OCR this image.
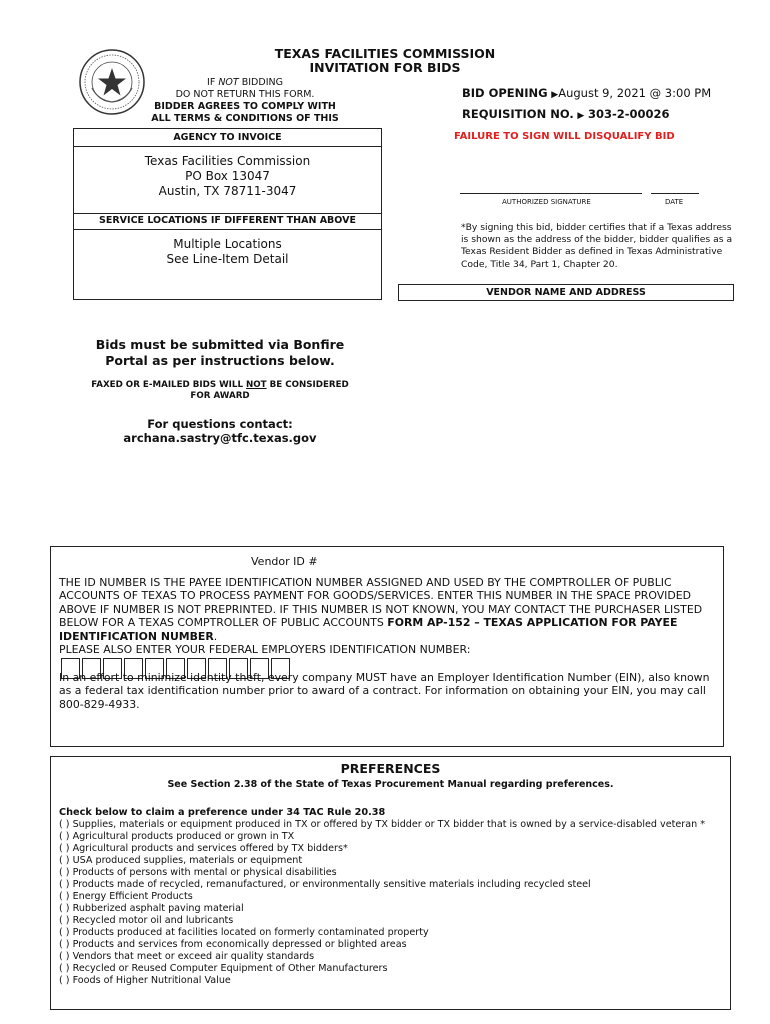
TEXAS FACILITIES COMMISSION
INVITATION FOR BIDS
IF NOT BIDDING
DO NOT RETURN THIS FORM.
BIDDER AGREES TO COMPLY WITH
ALL TERMS & CONDITIONS OF THIS
BID OPENING ▶August 9, 2021 @ 3:00 PM
REQUISITION NO. ▶ 303-2-00026
FAILURE TO SIGN WILL DISQUALIFY BID
AGENCY TO INVOICE
Texas Facilities Commission
PO Box 13047
Austin, TX 78711-3047
SERVICE LOCATIONS IF DIFFERENT THAN ABOVE
Multiple Locations
See Line-Item Detail
AUTHORIZED SIGNATURE	DATE
*By signing this bid, bidder certifies that if a Texas address is shown as the address of the bidder, bidder qualifies as a Texas Resident Bidder as defined in Texas Administrative Code, Title 34, Part 1, Chapter 20.
VENDOR NAME AND ADDRESS
Bids must be submitted via Bonfire
Portal as per instructions below.
FAXED OR E-MAILED BIDS WILL NOT BE CONSIDERED
FOR AWARD
For questions contact:
archana.sastry@tfc.texas.gov
Vendor ID #
THE ID NUMBER IS THE PAYEE IDENTIFICATION NUMBER ASSIGNED AND USED BY THE COMPTROLLER OF PUBLIC ACCOUNTS OF TEXAS TO PROCESS PAYMENT FOR GOODS/SERVICES. ENTER THIS NUMBER IN THE SPACE PROVIDED ABOVE IF NUMBER IS NOT PREPRINTED. IF THIS NUMBER IS NOT KNOWN, YOU MAY CONTACT THE PURCHASER LISTED BELOW FOR A TEXAS COMPTROLLER OF PUBLIC ACCOUNTS FORM AP-152 – TEXAS APPLICATION FOR PAYEE IDENTIFICATION NUMBER.
PLEASE ALSO ENTER YOUR FEDERAL EMPLOYERS IDENTIFICATION NUMBER:
In an effort to minimize identity theft, every company MUST have an Employer Identification Number (EIN), also known as a federal tax identification number prior to award of a contract. For information on obtaining your EIN, you may call 800-829-4933.
PREFERENCES
See Section 2.38 of the State of Texas Procurement Manual regarding preferences.
Check below to claim a preference under 34 TAC Rule 20.38
( ) Supplies, materials or equipment produced in TX or offered by TX bidder or TX bidder that is owned by a service-disabled veteran *
( ) Agricultural products produced or grown in TX
( ) Agricultural products and services offered by TX bidders*
( ) USA produced supplies, materials or equipment
( ) Products of persons with mental or physical disabilities
( ) Products made of recycled, remanufactured, or environmentally sensitive materials including recycled steel
( ) Energy Efficient Products
( ) Rubberized asphalt paving material
( ) Recycled motor oil and lubricants
( ) Products produced at facilities located on formerly contaminated property
( ) Products and services from economically depressed or blighted areas
( ) Vendors that meet or exceed air quality standards
( ) Recycled or Reused Computer Equipment of Other Manufacturers
( ) Foods of Higher Nutritional Value
